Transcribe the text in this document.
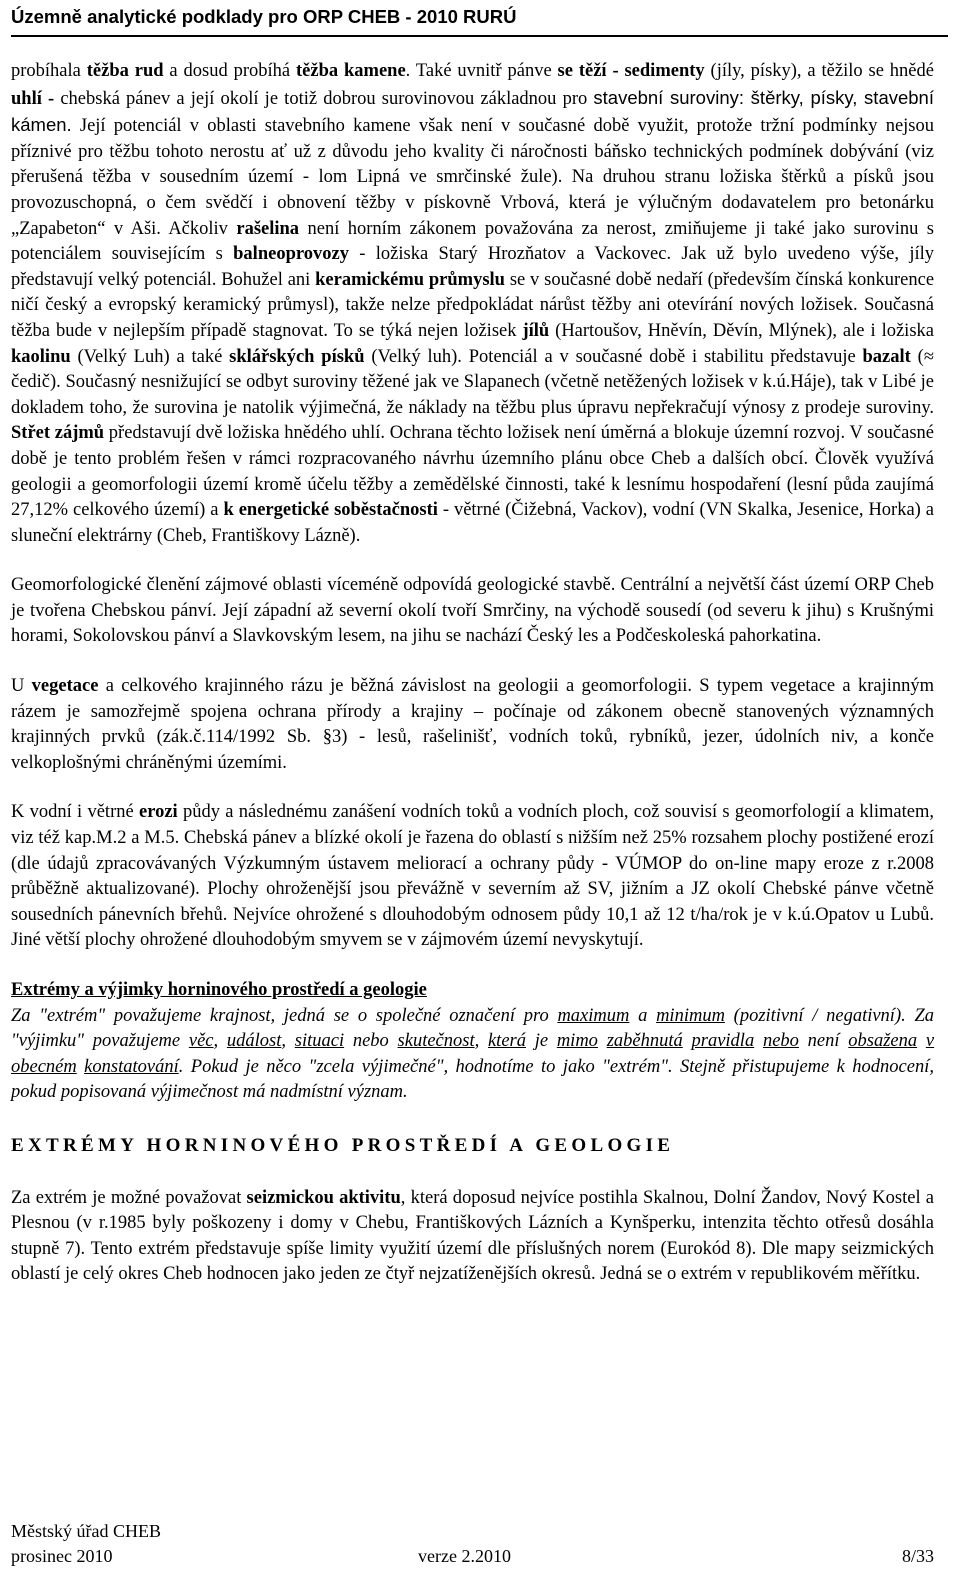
Územně analytické podklady pro ORP CHEB - 2010 RURÚ

probíhala těžba rud a dosud probíhá těžba kamene. Také uvnitř pánve se těží - sedimenty (jíly, písky), a těžilo se hnědé uhlí - chebská pánev a její okolí je totiž dobrou surovinovou základnou pro stavební suroviny: štěrky, písky, stavební kámen. Její potenciál v oblasti stavebního kamene však není v současné době využit, protože tržní podmínky nejsou příznivé pro těžbu tohoto nerostu ať už z důvodu jeho kvality či náročnosti báňsko technických podmínek dobývání (viz přerušená těžba v sousedním území - lom Lipná ve smrčinské žule). Na druhou stranu ložiska štěrků a písků jsou provozuschopná, o čem svědčí i obnovení těžby v pískovně Vrbová, která je výlučným dodavatelem pro betonárku „Zapabeton“ v Aši. Ačkoliv rašelina není horním zákonem považována za nerost, zmiňujeme ji také jako surovinu s potenciálem souvisejícím s balneoprovozy - ložiska Starý Hrozňatov a Vackovec. Jak už bylo uvedeno výše, jíly představují velký potenciál. Bohužel ani keramickému průmyslu se v současné době nedaří (především čínská konkurence ničí český a evropský keramický průmysl), takže nelze předpokládat nárůst těžby ani otevírání nových ložisek. Současná těžba bude v nejlepším případě stagnovat. To se týká nejen ložisek jílů (Hartoušov, Hněvín, Děvín, Mlýnek), ale i ložiska kaolinu (Velký Luh) a také sklářských písků (Velký luh). Potenciál a v současné době i stabilitu představuje bazalt (≈ čedič). Současný nesnižující se odbyt suroviny těžené jak ve Slapanech (včetně netěžených ložisek v k.ú.Háje), tak v Libé je dokladem toho, že surovina je natolik výjimečná, že náklady na těžbu plus úpravu nepřekračují výnosy z prodeje suroviny. Střet zájmů představují dvě ložiska hnědého uhlí. Ochrana těchto ložisek není úměrná a blokuje územní rozvoj. V současné době je tento problém řešen v rámci rozpracovaného návrhu územního plánu obce Cheb a dalších obcí. Člověk využívá geologii a geomorfologii území kromě účelu těžby a zemědělské činnosti, také k lesnímu hospodaření (lesní půda zaujímá 27,12% celkového území) a k energetické soběstačnosti - větrné (Čižebná, Vackov), vodní (VN Skalka, Jesenice, Horka) a sluneční elektrárny (Cheb, Františkovy Lázně).

Geomorfologické členění zájmové oblasti víceméně odpovídá geologické stavbě. Centrální a největší část území ORP Cheb je tvořena Chebskou pánví. Její západní až severní okolí tvoří Smrčiny, na východě sousedí (od severu k jihu) s Krušnými horami, Sokolovskou pánví a Slavkovským lesem, na jihu se nachází Český les a Podčeskoleská pahorkatina.

U vegetace a celkového krajinného rázu je běžná závislost na geologii a geomorfologii. S typem vegetace a krajinným rázem je samozřejmě spojena ochrana přírody a krajiny – počínaje od zákonem obecně stanovených významných krajinných prvků (zák.č.114/1992 Sb. §3) - lesů, rašelinišť, vodních toků, rybníků, jezer, údolních niv, a konče velkoplošnými chráněnými územími.

K vodní i větrné erozi půdy a následnému zanášení vodních toků a vodních ploch, což souvisí s geomorfologií a klimatem, viz též kap.M.2 a M.5. Chebská pánev a blízké okolí je řazena do oblastí s nižším než 25% rozsahem plochy postižené erozí (dle údajů zpracovávaných Výzkumným ústavem meliorací a ochrany půdy - VÚMOP do on-line mapy eroze z r.2008 průběžně aktualizované). Plochy ohroženější jsou převážně v severním až SV, jižním a JZ okolí Chebské pánve včetně sousedních pánevních břehů. Nejvíce ohrožené s dlouhodobým odnosem půdy 10,1 až 12 t/ha/rok je v k.ú.Opatov u Lubů. Jiné větší plochy ohrožené dlouhodobým smyvem se v zájmovém území nevyskytují.

Extrémy a výjimky horninového prostředí a geologie

Za "extrém" považujeme krajnost, jedná se o společné označení pro maximum a minimum (pozitivní / negativní). Za "výjimku" považujeme věc, událost, situaci nebo skutečnost, která je mimo zaběhnutá pravidla nebo není obsažena v obecném konstatování. Pokud je něco "zcela výjimečné", hodnotíme to jako "extrém". Stejně přistupujeme k hodnocení, pokud popisovaná výjimečnost má nadmístní význam.

EXTRÉMY HORNINOVÉHO PROSTŘEDÍ A GEOLOGIE

Za extrém je možné považovat seizmickou aktivitu, která doposud nejvíce postihla Skalnou, Dolní Žandov, Nový Kostel a Plesnou (v r.1985 byly poškozeny i domy v Chebu, Františkových Lázních a Kynšperku, intenzita těchto otřesů dosáhla stupně 7). Tento extrém představuje spíše limity využití území dle příslušných norem (Eurokód 8). Dle mapy seizmických oblastí je celý okres Cheb hodnocen jako jeden ze čtyř nejzatíženějších okresů. Jedná se o extrém v republikovém měřítku.

Městský úřad CHEB
prosinec 2010	verze 2.2010	8/33
